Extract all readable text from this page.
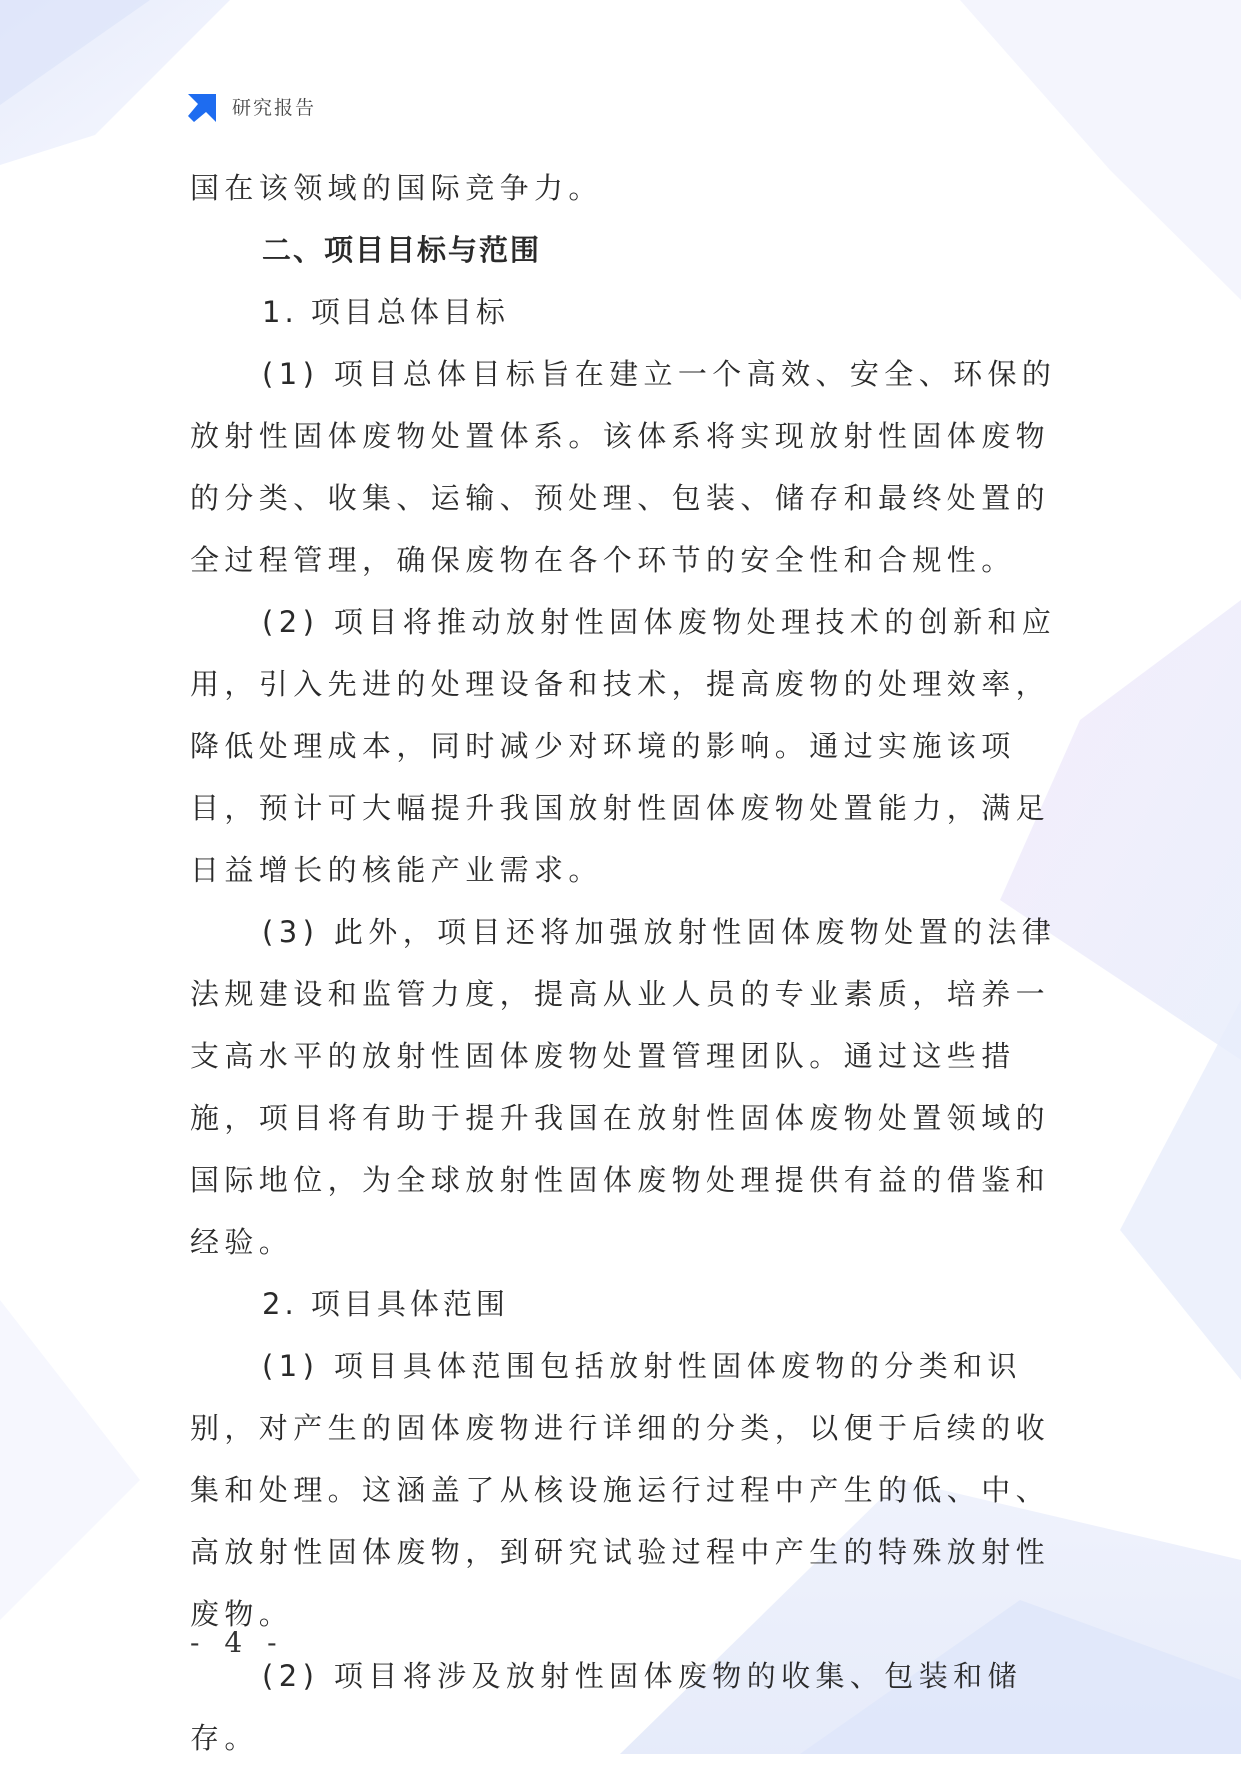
研究报告

国在该领域的国际竞争力。

二、项目目标与范围

1. 项目总体目标

(1) 项目总体目标旨在建立一个高效、安全、环保的放射性固体废物处置体系。该体系将实现放射性固体废物的分类、收集、运输、预处理、包装、储存和最终处置的全过程管理，确保废物在各个环节的安全性和合规性。

(2) 项目将推动放射性固体废物处理技术的创新和应用，引入先进的处理设备和技术，提高废物的处理效率，降低处理成本，同时减少对环境的影响。通过实施该项目，预计可大幅提升我国放射性固体废物处置能力，满足日益增长的核能产业需求。

(3) 此外，项目还将加强放射性固体废物处置的法律法规建设和监管力度，提高从业人员的专业素质，培养一支高水平的放射性固体废物处置管理团队。通过这些措施，项目将有助于提升我国在放射性固体废物处置领域的国际地位，为全球放射性固体废物处理提供有益的借鉴和经验。

2. 项目具体范围

(1) 项目具体范围包括放射性固体废物的分类和识别，对产生的固体废物进行详细的分类，以便于后续的收集和处理。这涵盖了从核设施运行过程中产生的低、中、高放射性固体废物，到研究试验过程中产生的特殊放射性废物。

(2) 项目将涉及放射性固体废物的收集、包装和储存。

- 4 -
